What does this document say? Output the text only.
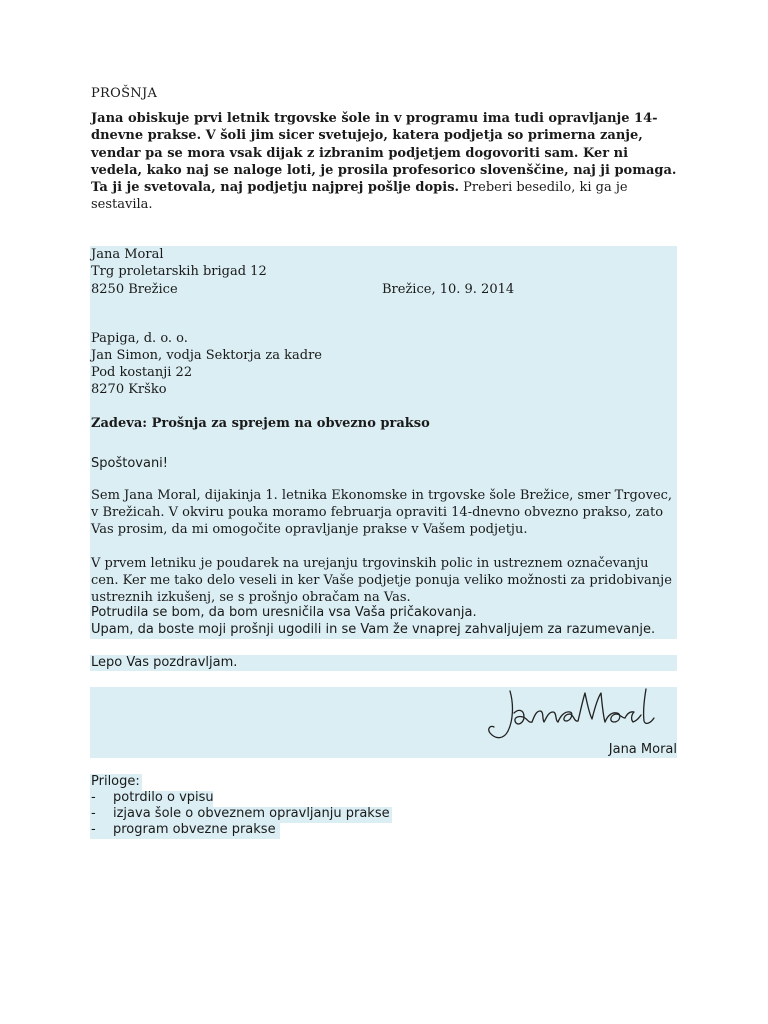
PROŠNJA
Jana obiskuje prvi letnik trgovske šole in v programu ima tudi opravljanje 14-dnevne prakse. V šoli jim sicer svetujejo, katera podjetja so primerna zanje, vendar pa se mora vsak dijak z izbranim podjetjem dogovoriti sam. Ker ni vedela, kako naj se naloge loti, je prosila profesorico slovenščine, naj ji pomaga. Ta ji je svetovala, naj podjetju najprej pošlje dopis. Preberi besedilo, ki ga je sestavila.
Jana Moral
Trg proletarskih brigad 12
8250 Brežice	Brežice, 10. 9. 2014
Papiga, d. o. o.
Jan Simon, vodja Sektorja za kadre
Pod kostanji 22
8270 Krško
Zadeva: Prošnja za sprejem na obvezno prakso
Spoštovani!
Sem Jana Moral, dijakinja 1. letnika Ekonomske in trgovske šole Brežice, smer Trgovec, v Brežicah. V okviru pouka moramo februarja opraviti 14-dnevno obvezno prakso, zato Vas prosim, da mi omogočite opravljanje prakse v Vašem podjetju.
V prvem letniku je poudarek na urejanju trgovinskih polic in ustreznem označevanju cen. Ker me tako delo veseli in ker Vaše podjetje ponuja veliko možnosti za pridobivanje ustreznih izkušenj, se s prošnjo obračam na Vas.
Potrudila se bom, da bom uresničila vsa Vaša pričakovanja.
Upam, da boste moji prošnji ugodili in se Vam že vnaprej zahvaljujem za razumevanje.
Lepo Vas pozdravljam.
Jana Moral
Priloge:
- potrdilo o vpisu
- izjava šole o obveznem opravljanju prakse
- program obvezne prakse
